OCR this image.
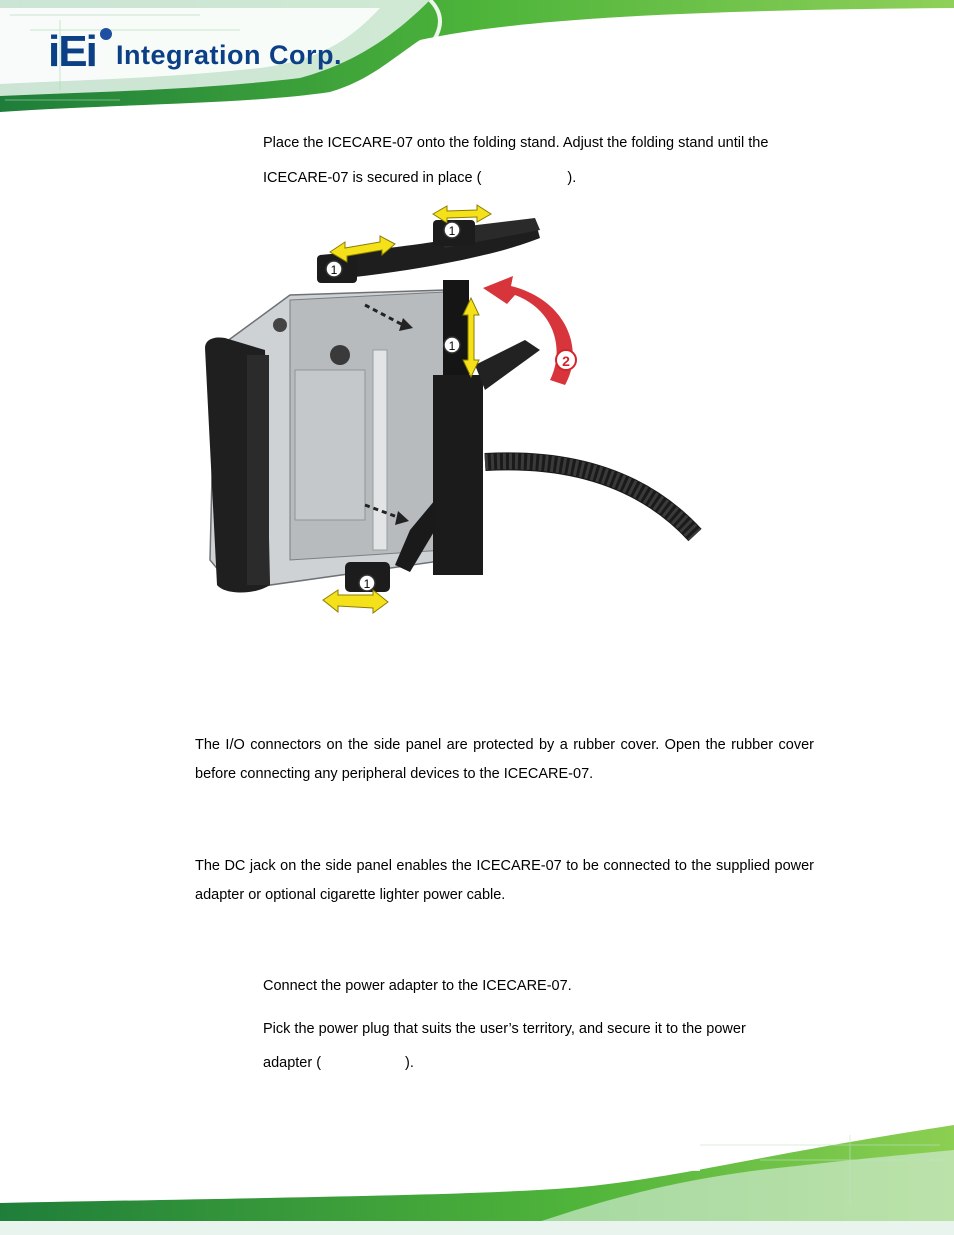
iEi Integration Corp.

Place the ICECARE-07 onto the folding stand. Adjust the folding stand until the

ICECARE-07 is secured in place (	).

1
1
1
1
2

The I/O connectors on the side panel are protected by a rubber cover. Open the rubber cover before connecting any peripheral devices to the ICECARE-07.

The DC jack on the side panel enables the ICECARE-07 to be connected to the supplied power adapter or optional cigarette lighter power cable.

Connect the power adapter to the ICECARE-07.

Pick the power plug that suits the user’s territory, and secure it to the power

adapter (	).
